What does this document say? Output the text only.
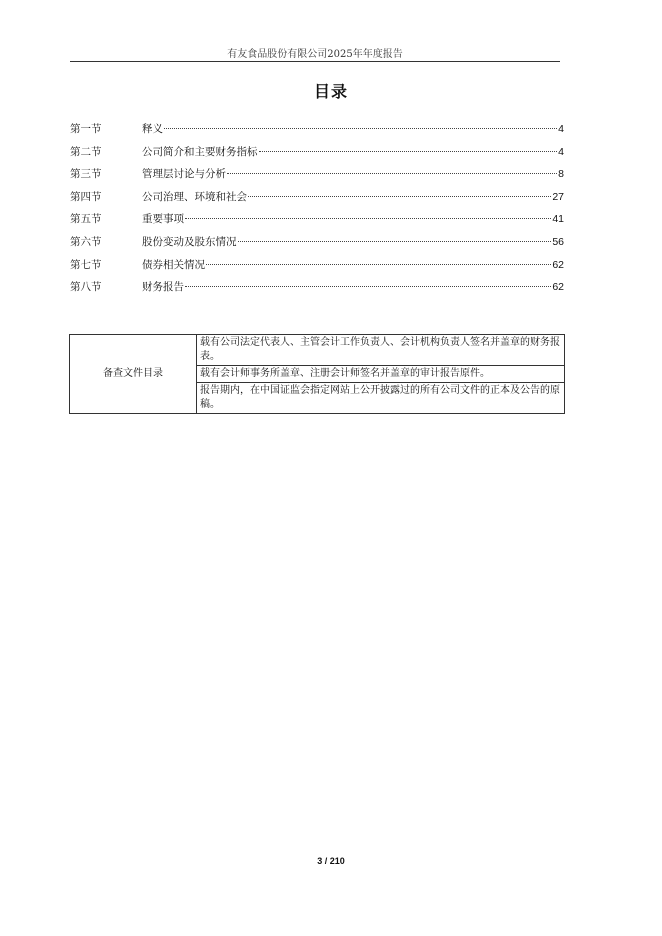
有友食品股份有限公司2025年年度报告
目录
第一节	释义	4
第二节	公司简介和主要财务指标	4
第三节	管理层讨论与分析	8
第四节	公司治理、环境和社会	27
第五节	重要事项	41
第六节	股份变动及股东情况	56
第七节	债券相关情况	62
第八节	财务报告	62
备查文件目录	载有公司法定代表人、主管会计工作负责人、会计机构负责人签名并盖章的财务报表。
载有会计师事务所盖章、注册会计师签名并盖章的审计报告原件。
报告期内，在中国证监会指定网站上公开披露过的所有公司文件的正本及公告的原稿。
3 / 210
